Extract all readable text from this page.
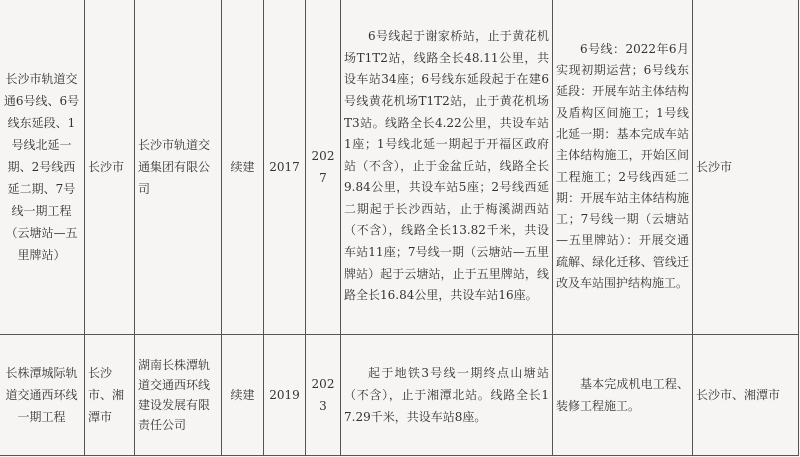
长沙市轨道交通6号线、6号线东延段、1号线北延一期、2号线西延二期、7号线一期工程（云塘站—五里牌站）	长沙市	长沙市轨道交通集团有限公司	续建	2017	2027	6号线起于谢家桥站，止于黄花机场T1T2站，线路全长48.11公里，共设车站34座；6号线东延段起于在建6号线黄花机场T1T2站，止于黄花机场T3站。线路全长4.22公里，共设车站1座；1号线北延一期起于开福区政府站（不含），止于金盆丘站，线路全长9.84公里，共设车站5座；2号线西延二期起于长沙西站，止于梅溪湖西站（不含），线路全长13.82千米，共设车站11座；7号线一期（云塘站—五里牌站）起于云塘站，止于五里牌站，线路全长16.84公里，共设车站16座。	6号线：2022年6月实现初期运营；6号线东延段：开展车站主体结构及盾构区间施工；1号线北延一期：基本完成车站主体结构施工，开始区间工程施工；2号线西延二期：开展车站主体结构施工；7号线一期（云塘站—五里牌站）：开展交通疏解、绿化迁移、管线迁改及车站围护结构施工。	长沙市
长株潭城际轨道交通西环线一期工程	长沙市、湘潭市	湖南长株潭轨道交通西环线建设发展有限责任公司	续建	2019	2023	起于地铁3号线一期终点山塘站（不含），止于湘潭北站。线路全长17.29千米，共设车站8座。	基本完成机电工程、装修工程施工。	长沙市、湘潭市
